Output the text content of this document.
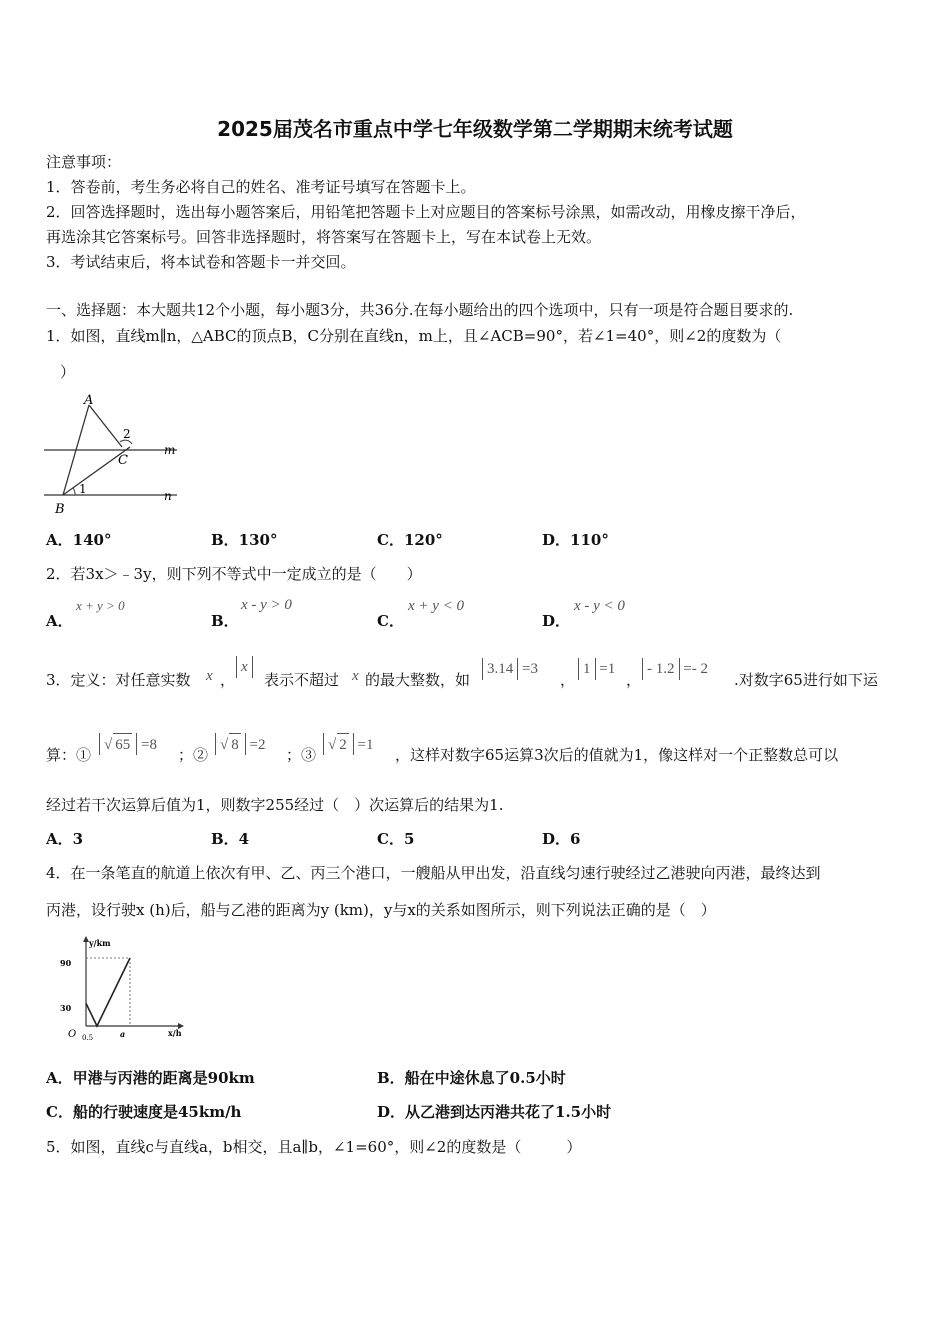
2025届茂名市重点中学七年级数学第二学期期末统考试题
注意事项：
1．答卷前，考生务必将自己的姓名、准考证号填写在答题卡上。
2．回答选择题时，选出每小题答案后，用铅笔把答题卡上对应题目的答案标号涂黑，如需改动，用橡皮擦干净后，
再选涂其它答案标号。回答非选择题时，将答案写在答题卡上，写在本试卷上无效。
3．考试结束后，将本试卷和答题卡一并交回。
一、选择题：本大题共12个小题，每小题3分，共36分.在每小题给出的四个选项中，只有一项是符合题目要求的.
1．如图，直线m∥n，△ABC的顶点B，C分别在直线n，m上，且∠ACB=90°，若∠1=40°，则∠2的度数为（
）
A
B
C
1
2
m
n
A．140°	B．130°	C．120°	D．110°
2．若3x＞﹣3y，则下列不等式中一定成立的是（　　）
A．
x + y > 0
B．
x - y > 0
C．
x + y < 0
D．
x - y < 0
3．定义：对任意实数 x ，
x
表示不超过 x 的最大整数，如
3.14 =3
，
1 =1
，
- 1.2 =- 2
.对数字65进行如下运
算：①
√ 65 =8
；②
√ 8 =2
；③
√ 2 =1
，这样对数字65运算3次后的值就为1，像这样对一个正整数总可以
经过若干次运算后值为1，则数字255经过（　）次运算后的结果为1.
A．3	B．4	C．5	D．6
4．在一条笔直的航道上依次有甲、乙、丙三个港口，一艘船从甲出发，沿直线匀速行驶经过乙港驶向丙港，最终达到
丙港，设行驶x (h)后，船与乙港的距离为y (km)，y与x的关系如图所示，则下列说法正确的是（　）
y/km
x/h
90
30
O 0.5	a
A．甲港与丙港的距离是90km	B．船在中途休息了0.5小时
C．船的行驶速度是45km/h	D．从乙港到达丙港共花了1.5小时
5．如图，直线c与直线a，b相交，且a∥b，∠1=60°，则∠2的度数是（　　　）
